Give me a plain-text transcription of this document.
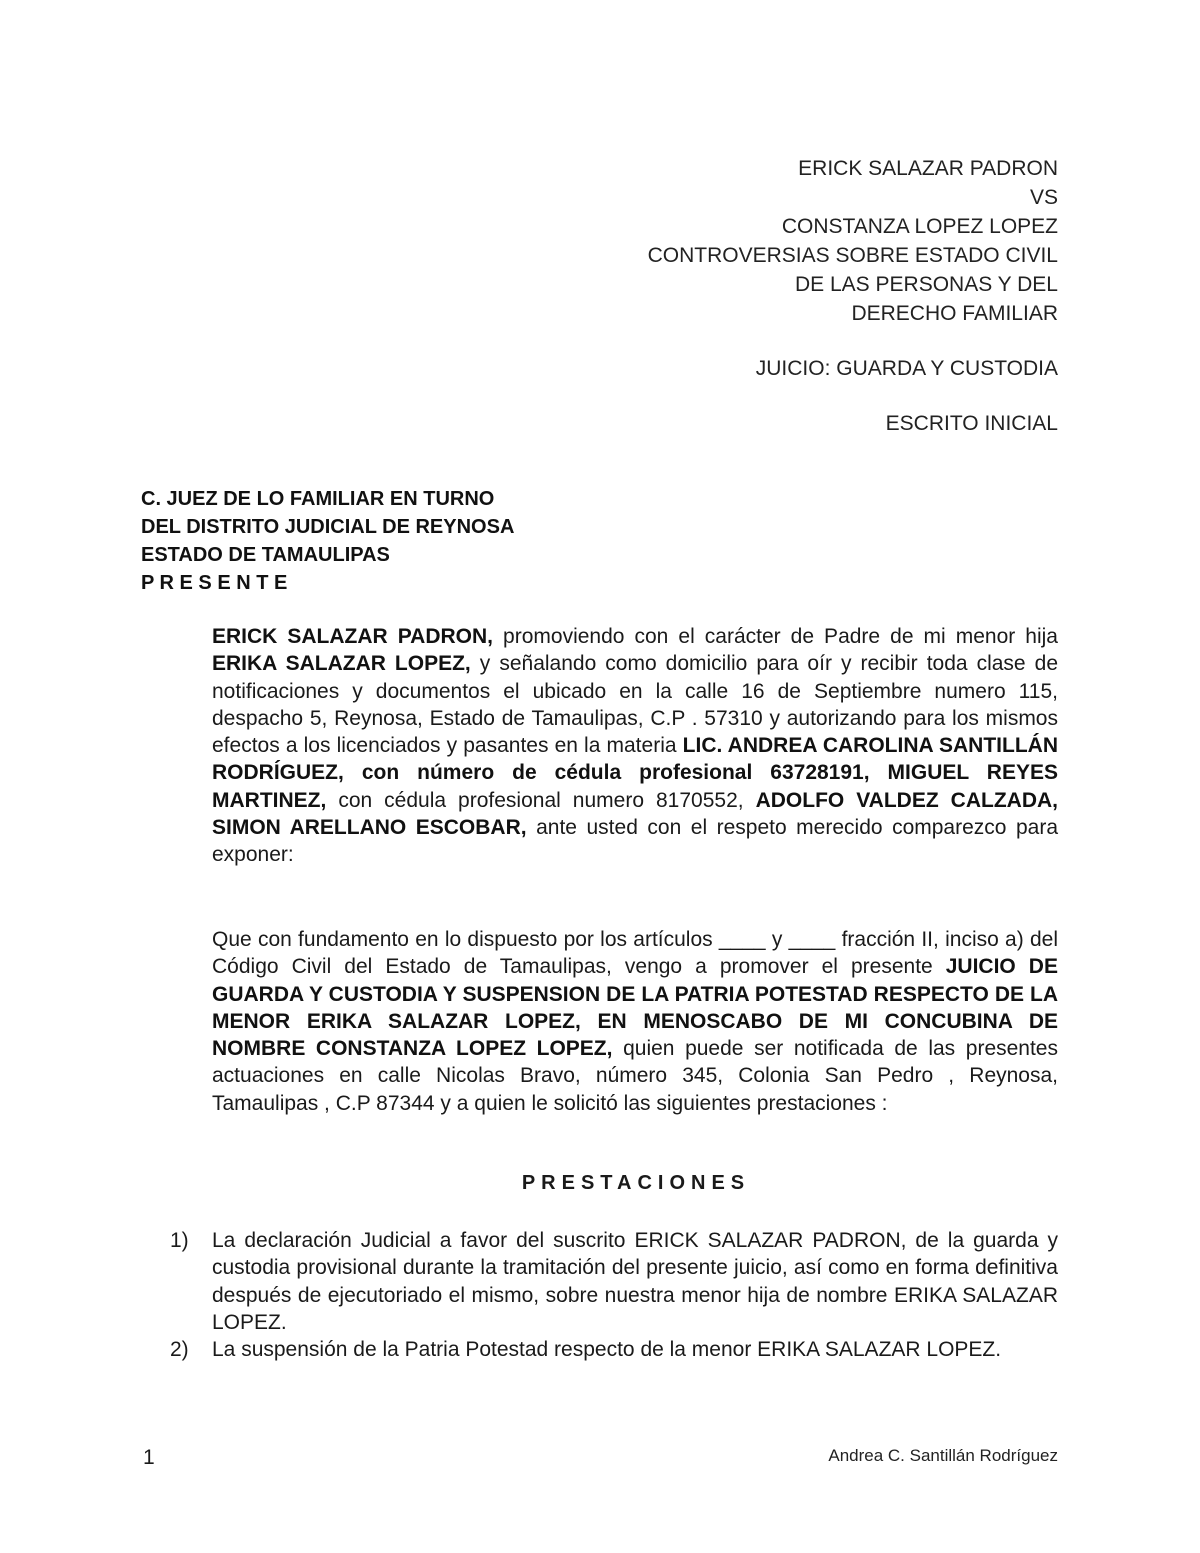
ERICK SALAZAR PADRON
VS
CONSTANZA LOPEZ LOPEZ
CONTROVERSIAS SOBRE ESTADO CIVIL
DE LAS PERSONAS Y DEL
DERECHO FAMILIAR
JUICIO: GUARDA Y CUSTODIA
ESCRITO INICIAL
C. JUEZ DE LO FAMILIAR EN TURNO
DEL DISTRITO JUDICIAL DE REYNOSA
ESTADO DE TAMAULIPAS
P R E S E N T E
ERICK SALAZAR PADRON, promoviendo con el carácter de Padre de mi menor hija ERIKA SALAZAR LOPEZ, y señalando como domicilio para oír y recibir toda clase de notificaciones y documentos el ubicado en la calle 16 de Septiembre numero 115, despacho 5, Reynosa, Estado de Tamaulipas, C.P . 57310 y autorizando para los mismos efectos a los licenciados y pasantes en la materia LIC. ANDREA CAROLINA SANTILLÁN RODRÍGUEZ, con número de cédula profesional 63728191, MIGUEL REYES MARTINEZ, con cédula profesional numero 8170552, ADOLFO VALDEZ CALZADA, SIMON ARELLANO ESCOBAR, ante usted con el respeto merecido comparezco para exponer:
Que con fundamento en lo dispuesto por los artículos ____ y ____ fracción II, inciso a) del Código Civil del Estado de Tamaulipas, vengo a promover el presente JUICIO DE GUARDA Y CUSTODIA Y SUSPENSION DE LA PATRIA POTESTAD RESPECTO DE LA MENOR ERIKA SALAZAR LOPEZ, EN MENOSCABO DE MI CONCUBINA DE NOMBRE CONSTANZA LOPEZ LOPEZ, quien puede ser notificada de las presentes actuaciones en calle Nicolas Bravo, número 345, Colonia San Pedro , Reynosa, Tamaulipas , C.P 87344 y a quien le solicitó las siguientes prestaciones :
PRESTACIONES
1)	La declaración Judicial a favor del suscrito ERICK SALAZAR PADRON, de la guarda y custodia provisional durante la tramitación del presente juicio, así como en forma definitiva después de ejecutoriado el mismo, sobre nuestra menor hija de nombre ERIKA SALAZAR LOPEZ.
2)	La suspensión de la Patria Potestad respecto de la menor ERIKA SALAZAR LOPEZ.
1	Andrea C. Santillán Rodríguez
